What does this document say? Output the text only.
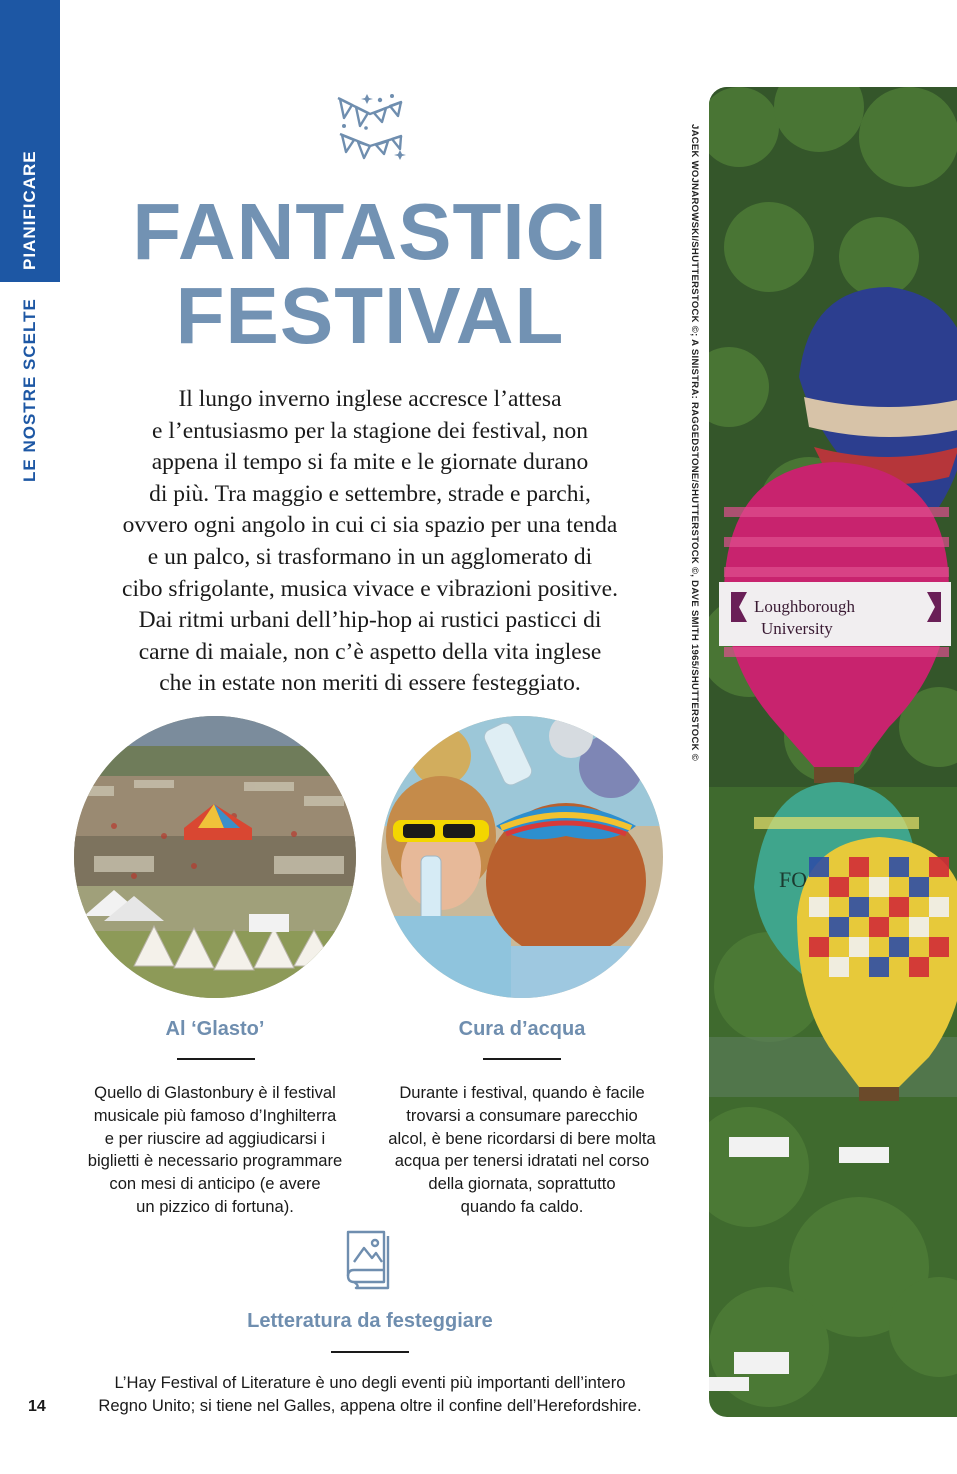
PIANIFICARE
LE NOSTRE SCELTE
FANTASTICI
FESTIVAL
Il lungo inverno inglese accresce l’attesa
e l’entusiasmo per la stagione dei festival, non
appena il tempo si fa mite e le giornate durano
di più. Tra maggio e settembre, strade e parchi,
ovvero ogni angolo in cui ci sia spazio per una tenda
e un palco, si trasformano in un agglomerato di
cibo sfrigolante, musica vivace e vibrazioni positive.
Dai ritmi urbani dell’hip-hop ai rustici pasticci di
carne di maiale, non c’è aspetto della vita inglese
che in estate non meriti di essere festeggiato.
Al ‘Glasto’
Quello di Glastonbury è il festival
musicale più famoso d’Inghilterra
e per riuscire ad aggiudicarsi i
biglietti è necessario programmare
con mesi di anticipo (e avere
un pizzico di fortuna).
Cura d’acqua
Durante i festival, quando è facile
trovarsi a consumare parecchio
alcol, è bene ricordarsi di bere molta
acqua per tenersi idratati nel corso
della giornata, soprattutto
quando fa caldo.
Letteratura da festeggiare
L’Hay Festival of Literature è uno degli eventi più importanti dell’intero
Regno Unito; si tiene nel Galles, appena oltre il confine dell’Herefordshire.
14
JACEK WOJNAROWSKI/SHUTTERSTOCK ©; A SINISTRA: RAGGEDSTONE/SHUTTERSTOCK ©, DAVE SMITH 1965/SHUTTERSTOCK ©	Loughborough
University
FO
